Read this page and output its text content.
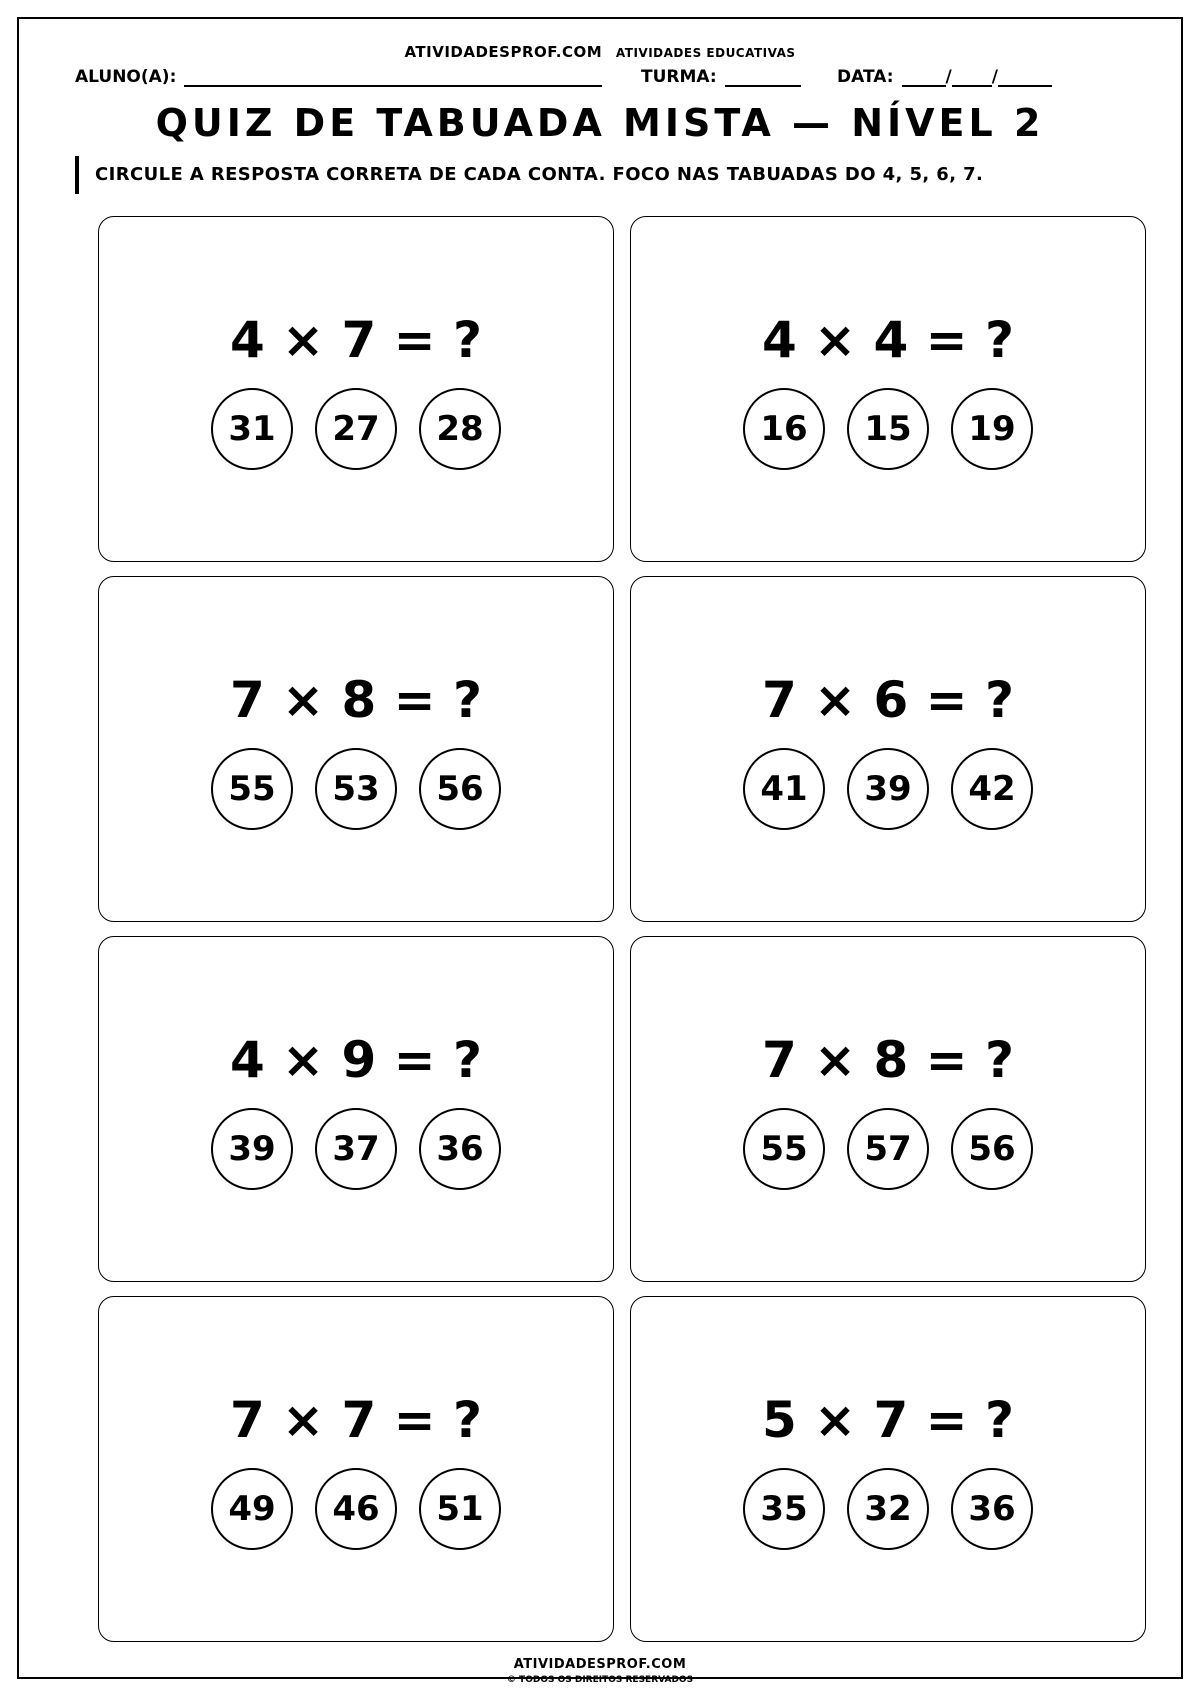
ATIVIDADESPROF.COM ATIVIDADES EDUCATIVAS
ALUNO(A):	TURMA:	DATA:	/ /
QUIZ DE TABUADA MISTA — NÍVEL 2
CIRCULE A RESPOSTA CORRETA DE CADA CONTA. FOCO NAS TABUADAS DO 4, 5, 6, 7.
4 × 7 = ?
31	27	28
4 × 4 = ?
16	15	19
7 × 8 = ?
55	53	56
7 × 6 = ?
41	39	42
4 × 9 = ?
39	37	36
7 × 8 = ?
55	57	56
7 × 7 = ?
49	46	51
5 × 7 = ?
35	32	36
ATIVIDADESPROF.COM
© TODOS OS DIREITOS RESERVADOS
